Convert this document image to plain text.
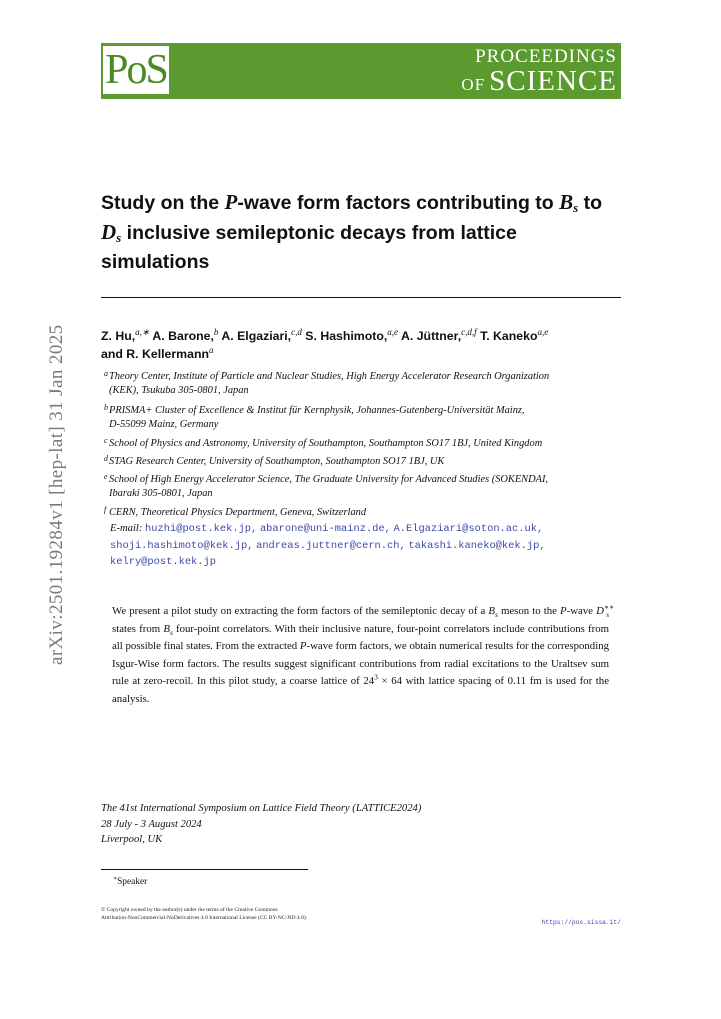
PoS	PROCEEDINGS
OF SCIENCE
arXiv:2501.19284v1 [hep-lat] 31 Jan 2025
Study on the P-wave form factors contributing to $B_s$ to
$D_s$ inclusive semileptonic decays from lattice
simulations
Z. Hu,$^{a,∗}$ A. Barone,$^b$ A. Elgaziari,$^{c,d}$ S. Hashimoto,$^{a,e}$ A. Jüttner,$^{c,d,f}$ T. Kaneko$^{a,e}$
and R. Kellermann$^a$
a Theory Center, Institute of Particle and Nuclear Studies, High Energy Accelerator Research Organization
(KEK), Tsukuba 305-0801, Japan
b PRISMA+ Cluster of Excellence & Institut für Kernphysik, Johannes-Gutenberg-Universität Mainz,
D-55099 Mainz, Germany
c School of Physics and Astronomy, University of Southampton, Southampton SO17 1BJ, United Kingdom
d STAG Research Center, University of Southampton, Southampton SO17 1BJ, UK
e School of High Energy Accelerator Science, The Graduate University for Advanced Studies (SOKENDAI,
Ibaraki 305-0801, Japan
f CERN, Theoretical Physics Department, Geneva, Switzerland
E-mail: huzhi@post.kek.jp, abarone@uni-mainz.de, A.Elgaziari@soton.ac.uk,
shoji.hashimoto@kek.jp, andreas.juttner@cern.ch, takashi.kaneko@kek.jp,
kelry@post.kek.jp
We present a pilot study on extracting the form factors of the semileptonic decay of a $B_s$ meson to the P-wave $D^{∗∗}_s$ states from $B_s$ four-point correlators. With their inclusive nature, four-point correlators include contributions from all possible final states. From the extracted P-wave form factors, we obtain numerical results for the corresponding Isgur-Wise form factors. The results suggest significant contributions from radial excitations to the Uraltsev sum rule at zero-recoil. In this pilot study, a coarse lattice of $24^3 \times 64$ with lattice spacing of 0.11 fm is used for the analysis.
The 41st International Symposium on Lattice Field Theory (LATTICE2024)
28 July - 3 August 2024
Liverpool, UK
∗Speaker
© Copyright owned by the author(s) under the terms of the Creative Commons
Attribution-NonCommercial-NoDerivatives 4.0 International License (CC BY-NC-ND 4.0).
https://pos.sissa.it/
